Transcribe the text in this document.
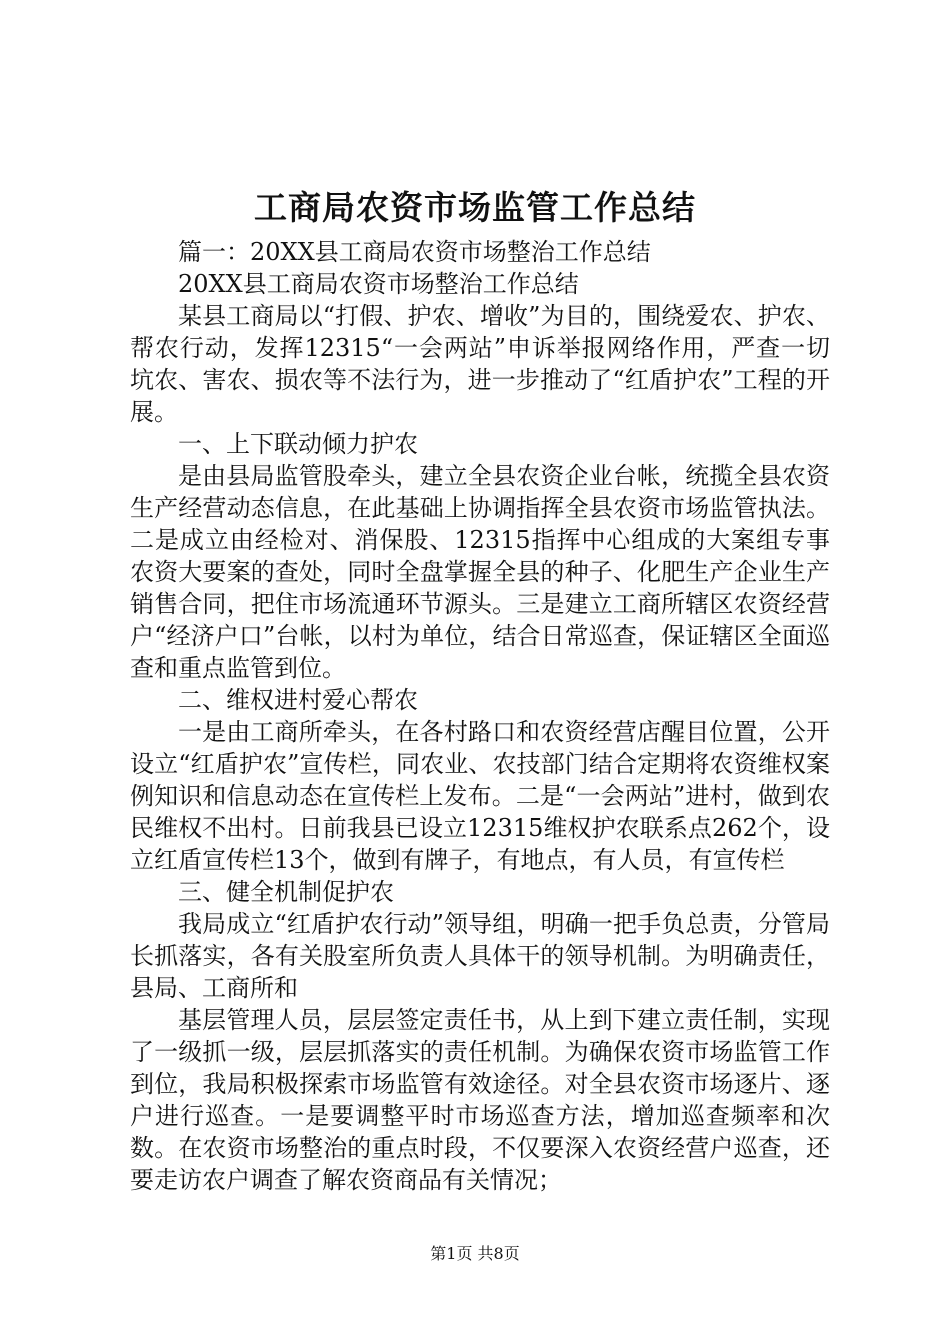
工商局农资市场监管工作总结

篇一：20XX县工商局农资市场整治工作总结

20XX县工商局农资市场整治工作总结

某县工商局以“打假、护农、增收”为目的，围绕爱农、护农、帮农行动，发挥12315“一会两站”申诉举报网络作用，严查一切坑农、害农、损农等不法行为，进一步推动了“红盾护农”工程的开展。

一、上下联动倾力护农

是由县局监管股牵头，建立全县农资企业台帐，统揽全县农资生产经营动态信息，在此基础上协调指挥全县农资市场监管执法。二是成立由经检对、消保股、12315指挥中心组成的大案组专事农资大要案的查处，同时全盘掌握全县的种子、化肥生产企业生产销售合同，把住市场流通环节源头。三是建立工商所辖区农资经营户“经济户口”台帐，以村为单位，结合日常巡查，保证辖区全面巡查和重点监管到位。

二、维权进村爱心帮农

一是由工商所牵头，在各村路口和农资经营店醒目位置，公开设立“红盾护农”宣传栏，同农业、农技部门结合定期将农资维权案例知识和信息动态在宣传栏上发布。二是“一会两站”进村，做到农民维权不出村。日前我县已设立12315维权护农联系点262个，设立红盾宣传栏13个，做到有牌子，有地点，有人员，有宣传栏

三、健全机制促护农

我局成立“红盾护农行动”领导组，明确一把手负总责，分管局长抓落实，各有关股室所负责人具体干的领导机制。为明确责任，县局、工商所和

基层管理人员，层层签定责任书，从上到下建立责任制，实现了一级抓一级，层层抓落实的责任机制。为确保农资市场监管工作到位，我局积极探索市场监管有效途径。对全县农资市场逐片、逐户进行巡查。一是要调整平时市场巡查方法，增加巡查频率和次数。在农资市场整治的重点时段，不仅要深入农资经营户巡查，还要走访农户调查了解农资商品有关情况；

第1页 共8页
